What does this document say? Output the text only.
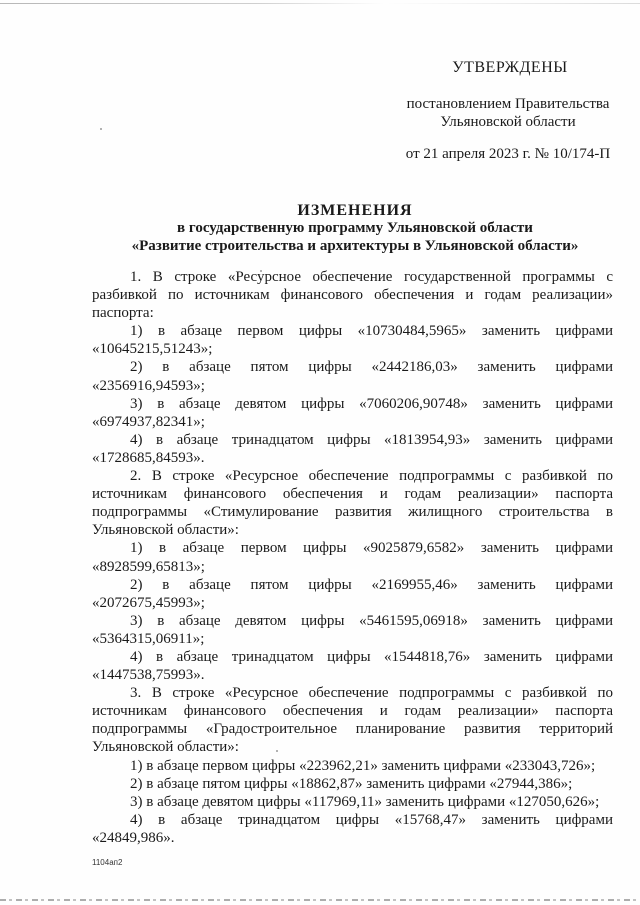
УТВЕРЖДЕНЫ
постановлением Правительства
Ульяновской области
от 21 апреля 2023 г. № 10/174-П
ИЗМЕНЕНИЯ
в государственную программу Ульяновской области
«Развитие строительства и архитектуры в Ульяновской области»

1. В строке «Ресурсное обеспечение государственной программы с разбивкой по источникам финансового обеспечения и годам реализации» паспорта:

1) в абзаце первом цифры «10730484,5965» заменить цифрами
«10645215,51243»;

2) в абзаце пятом цифры «2442186,03» заменить цифрами
«2356916,94593»;

3) в абзаце девятом цифры «7060206,90748» заменить цифрами
«6974937,82341»;

4) в абзаце тринадцатом цифры «1813954,93» заменить цифрами
«1728685,84593».

2. В строке «Ресурсное обеспечение подпрограммы с разбивкой по источникам финансового обеспечения и годам реализации» паспорта подпрограммы «Стимулирование развития жилищного строительства в Ульяновской области»:

1) в абзаце первом цифры «9025879,6582» заменить цифрами
«8928599,65813»;

2) в абзаце пятом цифры «2169955,46» заменить цифрами
«2072675,45993»;

3) в абзаце девятом цифры «5461595,06918» заменить цифрами
«5364315,06911»;

4) в абзаце тринадцатом цифры «1544818,76» заменить цифрами
«1447538,75993».

3. В строке «Ресурсное обеспечение подпрограммы с разбивкой по источникам финансового обеспечения и годам реализации» паспорта подпрограммы «Градостроительное планирование развития территорий Ульяновской области»:

1) в абзаце первом цифры «223962,21» заменить цифрами «233043,726»;

2) в абзаце пятом цифры «18862,87» заменить цифрами «27944,386»;

3) в абзаце девятом цифры «117969,11» заменить цифрами «127050,626»;

4) в абзаце тринадцатом цифры «15768,47» заменить цифрами
«24849,986».

1104ап2
